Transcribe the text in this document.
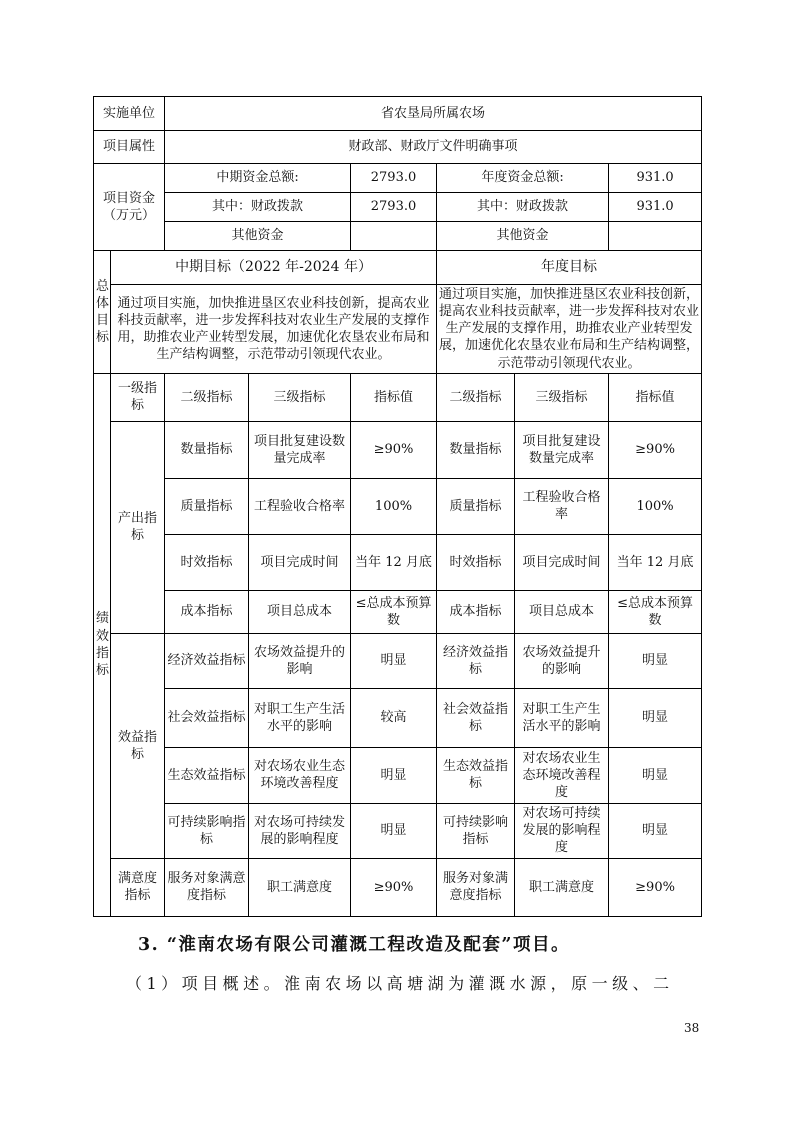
实施单位		省农垦局所属农场					
项目属性		财政部、财政厅文件明确事项					
项目资金（万元）		中期资金总额:		2793.0	年度资金总额:		931.0
		其中：财政拨款		2793.0	其中：财政拨款		931.0
		其他资金			其他资金		
总体目标	中期目标（2022 年-2024 年）				年度目标		
	通过项目实施，加快推进垦区农业科技创新，提高农业科技贡献率，进一步发挥科技对农业生产发展的支撑作用，助推农业产业转型发展，加速优化农垦农业布局和生产结构调整，示范带动引领现代农业。				通过项目实施，加快推进垦区农业科技创新，提高农业科技贡献率，进一步发挥科技对农业生产发展的支撑作用，助推农业产业转型发展，加速优化农垦农业布局和生产结构调整，示范带动引领现代农业。		
绩效指标	一级指标	二级指标	三级指标	指标值	二级指标	三级指标	指标值
	产出指标	数量指标	项目批复建设数量完成率	≥90%	数量指标	项目批复建设数量完成率	≥90%
		质量指标	工程验收合格率	100%	质量指标	工程验收合格率	100%
		时效指标	项目完成时间	当年 12 月底	时效指标	项目完成时间	当年 12 月底
		成本指标	项目总成本	≤总成本预算数	成本指标	项目总成本	≤总成本预算数
	效益指标	经济效益指标	农场效益提升的影响	明显	经济效益指标	农场效益提升的影响	明显
		社会效益指标	对职工生产生活水平的影响	较高	社会效益指标	对职工生产生活水平的影响	明显
		生态效益指标	对农场农业生态环境改善程度	明显	生态效益指标	对农场农业生态环境改善程度	明显
		可持续影响指标	对农场可持续发展的影响程度	明显	可持续影响指标	对农场可持续发展的影响程度	明显
	满意度指标	服务对象满意度指标	职工满意度	≥90%	服务对象满意度指标	职工满意度	≥90%
3. “淮南农场有限公司灌溉工程改造及配套”项目。
（1）项目概述。淮南农场以高塘湖为灌溉水源，原一级、二
38
